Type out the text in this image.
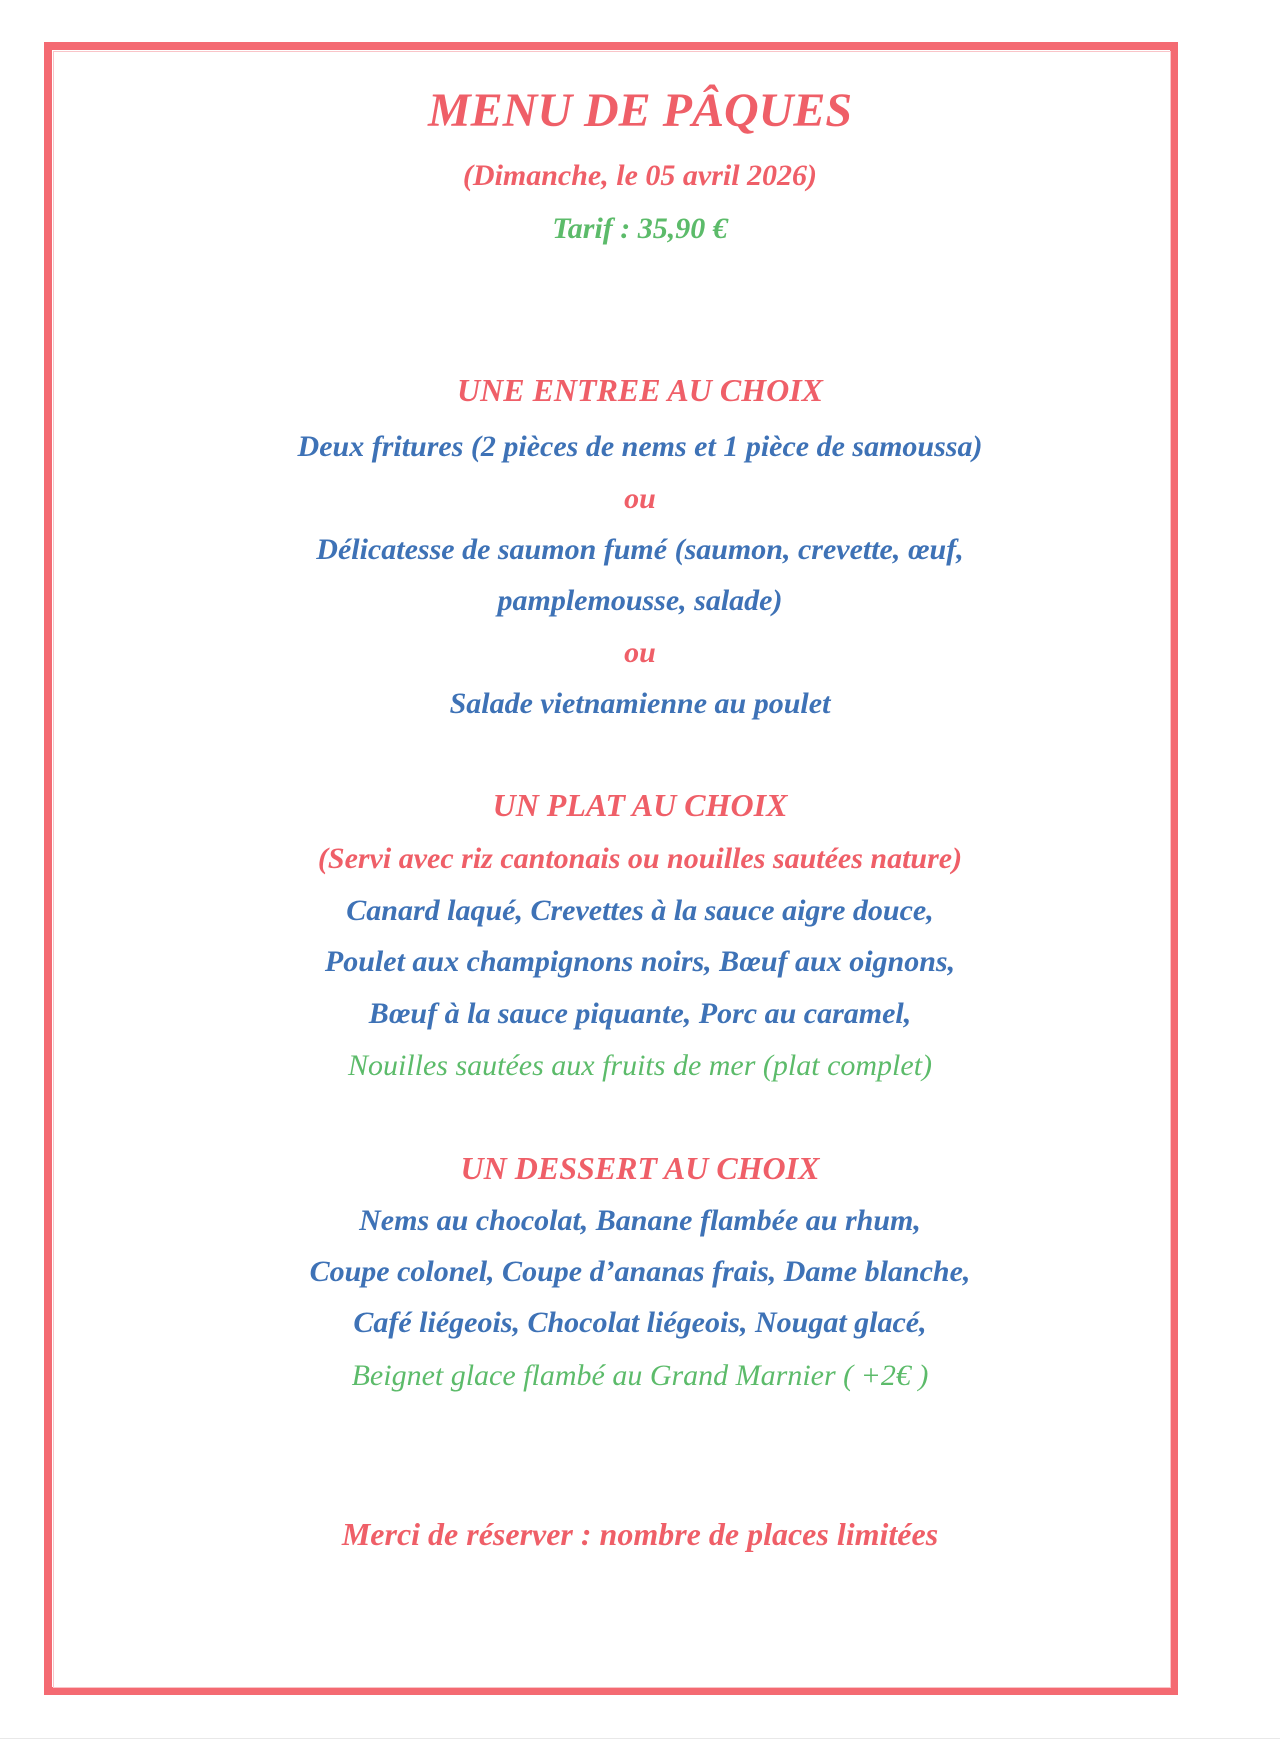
MENU DE PÂQUES
(Dimanche, le 05 avril 2026)
Tarif : 35,90 €
UNE ENTREE AU CHOIX
Deux fritures (2 pièces de nems et 1 pièce de samoussa)
ou
Délicatesse de saumon fumé (saumon, crevette, œuf,
pamplemousse, salade)
ou
Salade vietnamienne au poulet
UN PLAT AU CHOIX
(Servi avec riz cantonais ou nouilles sautées nature)
Canard laqué, Crevettes à la sauce aigre douce,
Poulet aux champignons noirs, Bœuf aux oignons,
Bœuf à la sauce piquante, Porc au caramel,
Nouilles sautées aux fruits de mer (plat complet)
UN DESSERT AU CHOIX
Nems au chocolat, Banane flambée au rhum,
Coupe colonel, Coupe d’ananas frais, Dame blanche,
Café liégeois, Chocolat liégeois, Nougat glacé,
Beignet glace flambé au Grand Marnier ( +2€ )
Merci de réserver : nombre de places limitées
